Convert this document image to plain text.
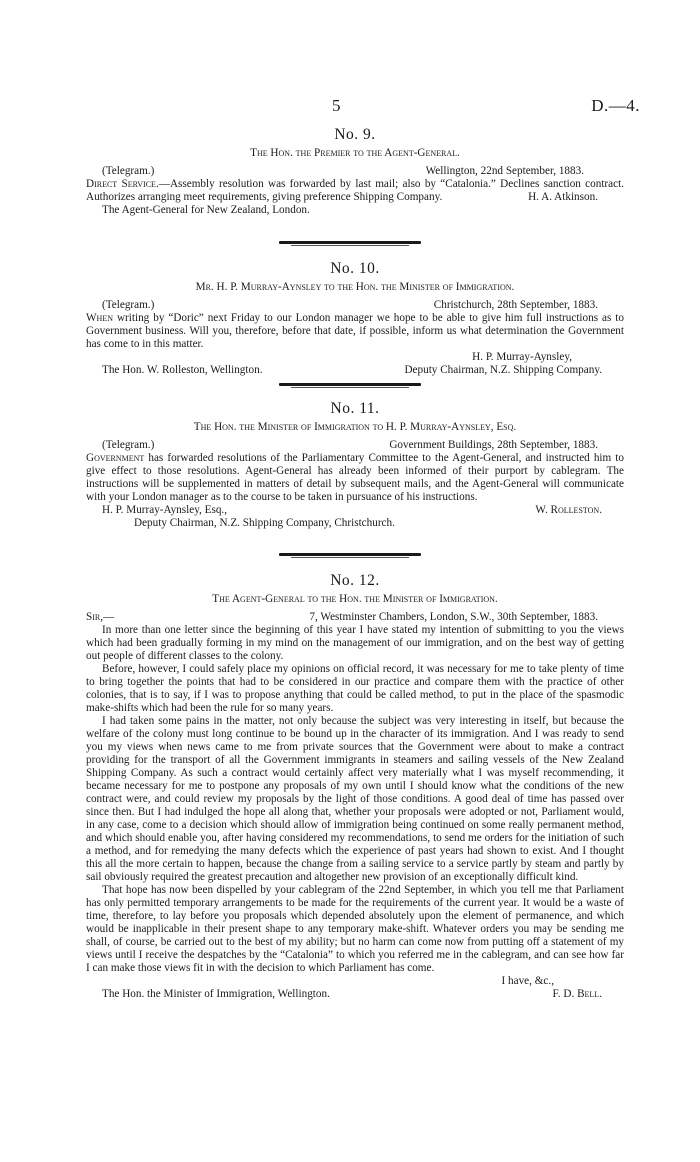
5	D.—4.
No. 9.
The Hon. the Premier to the Agent-General.
(Telegram.)	Wellington, 22nd September, 1883.

Direct Service.—Assembly resolution was forwarded by last mail; also by “Catalonia.” Declines sanction contract. Authorizes arranging meet requirements, giving preference Shipping Company.	H. A. Atkinson.
The Agent-General for New Zealand, London.
No. 10.
Mr. H. P. Murray-Aynsley to the Hon. the Minister of Immigration.
(Telegram.)	Christchurch, 28th September, 1883.

When writing by “Doric” next Friday to our London manager we hope to be able to give him full instructions as to Government business. Will you, therefore, before that date, if possible, inform us what determination the Government has come to in this matter.

H. P. Murray-Aynsley,
The Hon. W. Rolleston, Wellington.	Deputy Chairman, N.Z. Shipping Company.
No. 11.
The Hon. the Minister of Immigration to H. P. Murray-Aynsley, Esq.
(Telegram.)	Government Buildings, 28th September, 1883.

Government has forwarded resolutions of the Parliamentary Committee to the Agent-General, and instructed him to give effect to those resolutions. Agent-General has already been informed of their purport by cablegram. The instructions will be supplemented in matters of detail by subsequent mails, and the Agent-General will communicate with your London manager as to the course to be taken in pursuance of his instructions.

H. P. Murray-Aynsley, Esq.,	W. Rolleston.
Deputy Chairman, N.Z. Shipping Company, Christchurch.
No. 12.
The Agent-General to the Hon. the Minister of Immigration.
Sir,—	7, Westminster Chambers, London, S.W., 30th September, 1883.

In more than one letter since the beginning of this year I have stated my intention of submitting to you the views which had been gradually forming in my mind on the management of our immigration, and on the best way of getting out people of different classes to the colony.

Before, however, I could safely place my opinions on official record, it was necessary for me to take plenty of time to bring together the points that had to be considered in our practice and compare them with the practice of other colonies, that is to say, if I was to propose anything that could be called method, to put in the place of the spasmodic make-shifts which had been the rule for so many years.

I had taken some pains in the matter, not only because the subject was very interesting in itself, but because the welfare of the colony must long continue to be bound up in the character of its immigration. And I was ready to send you my views when news came to me from private sources that the Government were about to make a contract providing for the transport of all the Government immigrants in steamers and sailing vessels of the New Zealand Shipping Company. As such a contract would certainly affect very materially what I was myself recommending, it became necessary for me to postpone any proposals of my own until I should know what the conditions of the new contract were, and could review my proposals by the light of those conditions. A good deal of time has passed over since then. But I had indulged the hope all along that, whether your proposals were adopted or not, Parliament would, in any case, come to a decision which should allow of immigration being continued on some really permanent method, and which should enable you, after having considered my recommendations, to send me orders for the initiation of such a method, and for remedying the many defects which the experience of past years had shown to exist. And I thought this all the more certain to happen, because the change from a sailing service to a service partly by steam and partly by sail obviously required the greatest precaution and altogether new provision of an exceptionally difficult kind.

That hope has now been dispelled by your cablegram of the 22nd September, in which you tell me that Parliament has only permitted temporary arrangements to be made for the requirements of the current year. It would be a waste of time, therefore, to lay before you proposals which depended absolutely upon the element of permanence, and which would be inapplicable in their present shape to any temporary make-shift. Whatever orders you may be sending me shall, of course, be carried out to the best of my ability; but no harm can come now from putting off a statement of my views until I receive the despatches by the “Catalonia” to which you referred me in the cablegram, and can see how far I can make those views fit in with the decision to which Parliament has come.

I have, &c.,
The Hon. the Minister of Immigration, Wellington.	F. D. Bell.
